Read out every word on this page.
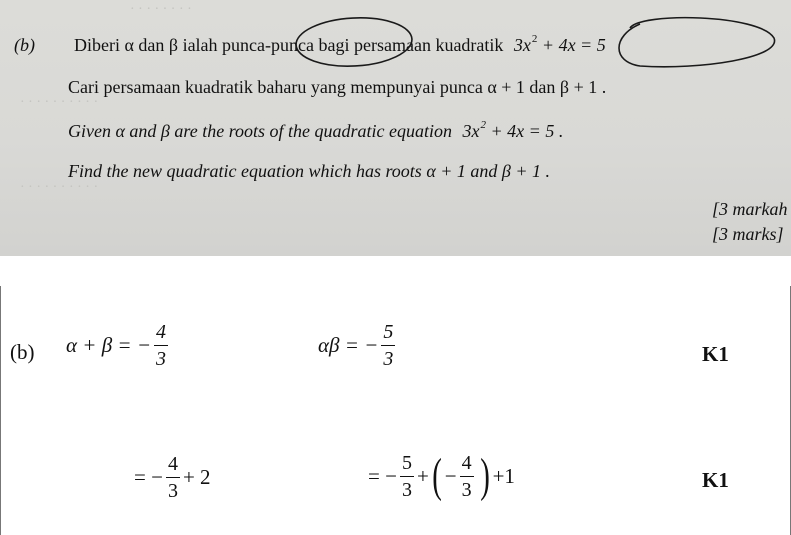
· · · · · · · ·
· · · · · · · · · ·
· · · · · · · · · ·
(b) Diberi α dan β ialah punca-punca bagi persamaan kuadratik $3x^2 + 4x = 5$
Cari persamaan kuadratik baharu yang mempunyai punca α + 1 dan β + 1 .
Given α and β are the roots of the quadratic equation $3x^2 + 4x = 5$ .
Find the new quadratic equation which has roots α + 1 and β + 1 .
[3 markah
[3 marks]
(b) α + β = − $\frac{4}{3}$	αβ = − $\frac{5}{3}$	K1
= − $\frac{4}{3} + 2$	= − $\frac{5}{3}$ + ( − $\frac{4}{3}$ ) +1	K1
